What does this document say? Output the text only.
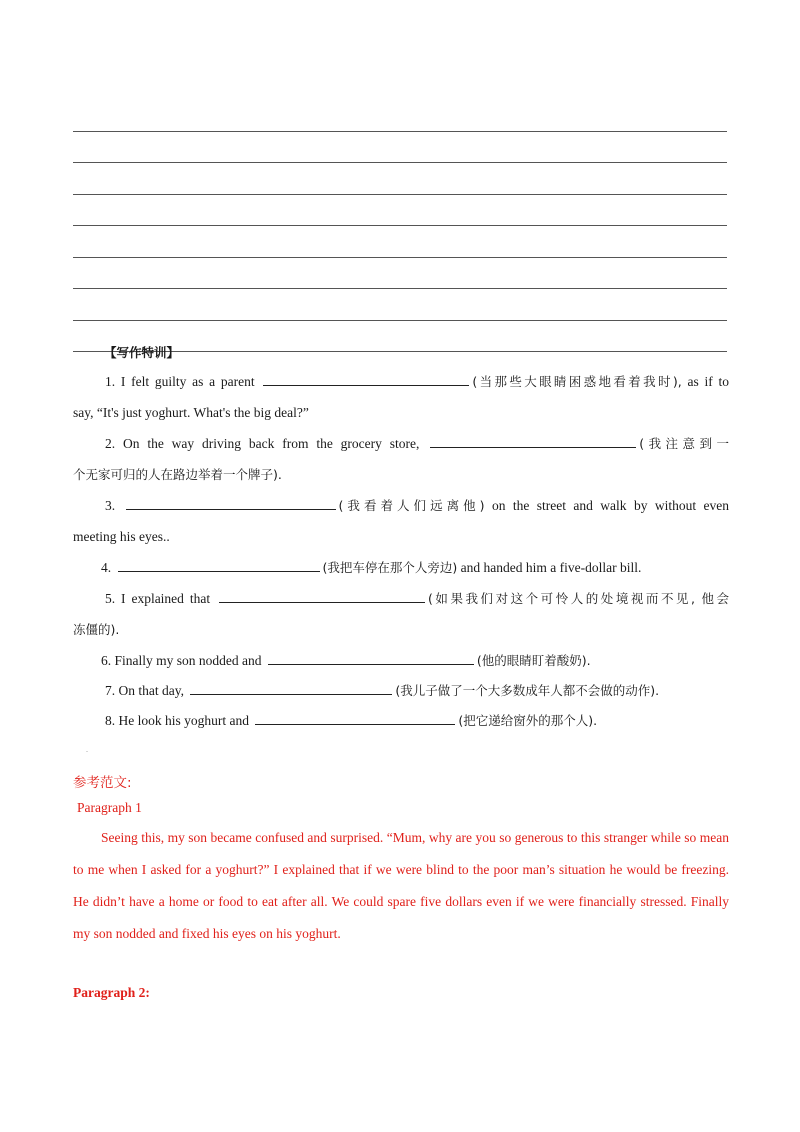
【写作特训】
1. I felt guilty as a parent	(当那些大眼睛困惑地看着我时), as if to
say, “It's just yoghurt. What's the big deal?”
2. On the way driving back from the grocery store,	(我注意到一
个无家可归的人在路边举着一个牌子).
3.	(我看着人们远离他) on the street and walk by without even
meeting his eyes..
4.	(我把车停在那个人旁边) and handed him a five-dollar bill.
5. I explained that	(如果我们对这个可怜人的处境视而不见, 他会
冻僵的).
6. Finally my son nodded and	(他的眼睛盯着酸奶).
7. On that day,	(我儿子做了一个大多数成年人都不会做的动作).
8. He look his yoghurt and	(把它递给窗外的那个人).
.
参考范文:
Paragraph 1
Seeing this, my son became confused and surprised. “Mum, why are you so generous to this stranger while so mean to me when I asked for a yoghurt?” I explained that if we were blind to the poor man’s situation he would be freezing. He didn’t have a home or food to eat after all. We could spare five dollars even if we were financially stressed. Finally my son nodded and fixed his eyes on his yoghurt.
Paragraph 2:
